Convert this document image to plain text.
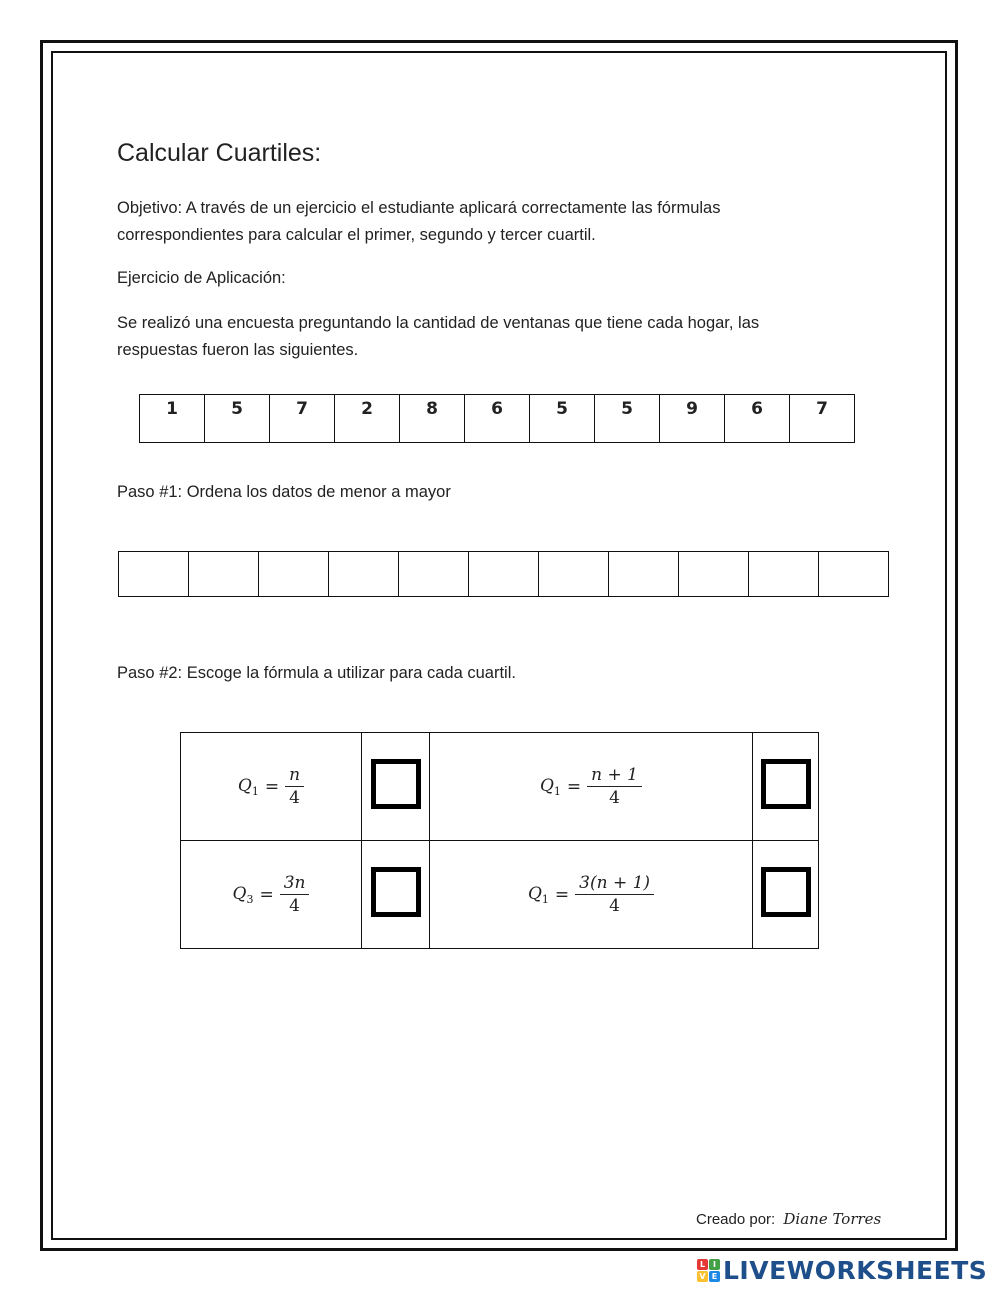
Calcular Cuartiles:
Objetivo: A través de un ejercicio el estudiante aplicará correctamente las fórmulas correspondientes para calcular el primer, segundo y tercer cuartil.
Ejercicio de Aplicación:
Se realizó una encuesta preguntando la cantidad de ventanas que tiene cada hogar, las respuestas fueron las siguientes.
1	5	7	2	8	6	5	5	9	6	7
Paso #1: Ordena los datos de menor a mayor

Paso #2: Escoge la fórmula a utilizar para cada cuartil.
$Q_1 = \frac{n}{4}$		$Q_1 = \frac{n + 1}{4}$

$Q_3 = \frac{3n}{4}$		$Q_1 = \frac{3(n + 1)}{4}$

Creado por: Diane Torres
L I
V E LIVEWORKSHEETS
